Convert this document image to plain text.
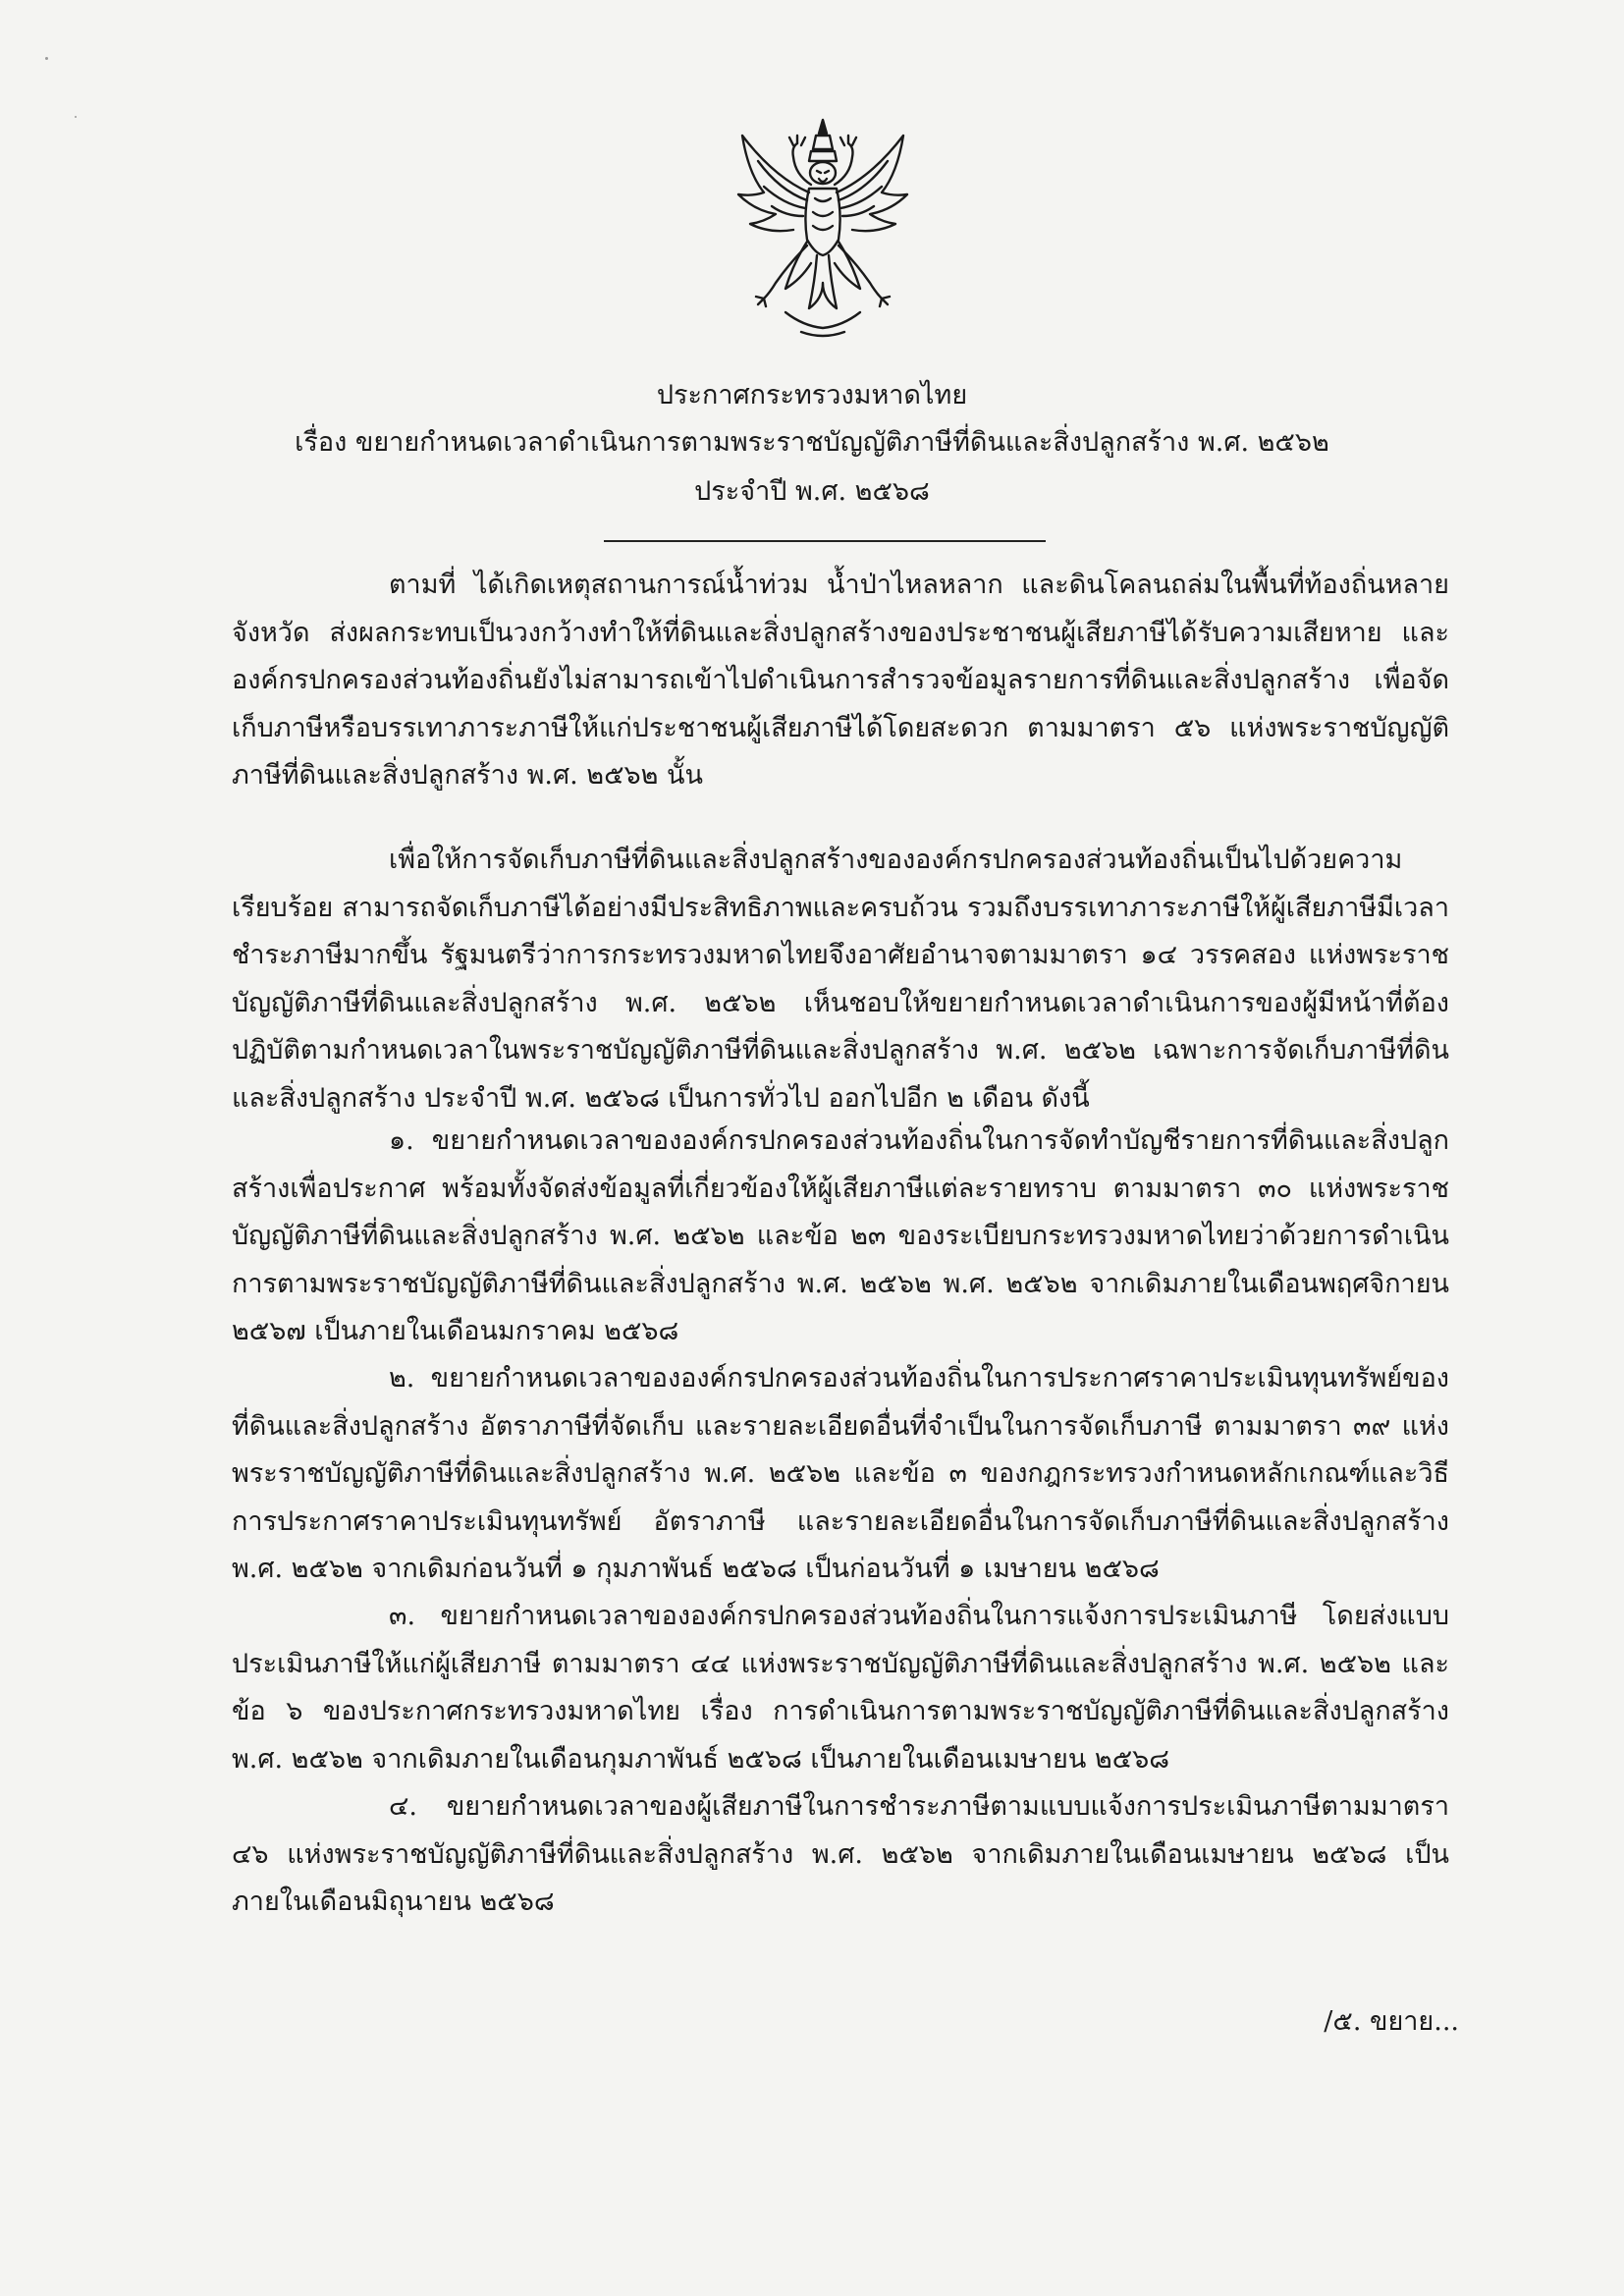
ประกาศกระทรวงมหาดไทย
เรื่อง ขยายกำหนดเวลาดำเนินการตามพระราชบัญญัติภาษีที่ดินและสิ่งปลูกสร้าง พ.ศ. ๒๕๖๒
ประจำปี พ.ศ. ๒๕๖๘

ตามที่ ได้เกิดเหตุสถานการณ์น้ำท่วม น้ำป่าไหลหลาก และดินโคลนถล่มในพื้นที่ท้องถิ่นหลายจังหวัด ส่งผลกระทบเป็นวงกว้างทำให้ที่ดินและสิ่งปลูกสร้างของประชาชนผู้เสียภาษีได้รับความเสียหาย และองค์กรปกครองส่วนท้องถิ่นยังไม่สามารถเข้าไปดำเนินการสำรวจข้อมูลรายการที่ดินและสิ่งปลูกสร้าง เพื่อจัดเก็บภาษีหรือบรรเทาภาระภาษีให้แก่ประชาชนผู้เสียภาษีได้โดยสะดวก ตามมาตรา ๕๖ แห่งพระราชบัญญัติภาษีที่ดินและสิ่งปลูกสร้าง พ.ศ. ๒๕๖๒ นั้น

เพื่อให้การจัดเก็บภาษีที่ดินและสิ่งปลูกสร้างขององค์กรปกครองส่วนท้องถิ่นเป็นไปด้วยความเรียบร้อย สามารถจัดเก็บภาษีได้อย่างมีประสิทธิภาพและครบถ้วน รวมถึงบรรเทาภาระภาษีให้ผู้เสียภาษีมีเวลาชำระภาษีมากขึ้น รัฐมนตรีว่าการกระทรวงมหาดไทยจึงอาศัยอำนาจตามมาตรา ๑๔ วรรคสอง แห่งพระราชบัญญัติภาษีที่ดินและสิ่งปลูกสร้าง พ.ศ. ๒๕๖๒ เห็นชอบให้ขยายกำหนดเวลาดำเนินการของผู้มีหน้าที่ต้องปฏิบัติตามกำหนดเวลาในพระราชบัญญัติภาษีที่ดินและสิ่งปลูกสร้าง พ.ศ. ๒๕๖๒ เฉพาะการจัดเก็บภาษีที่ดินและสิ่งปลูกสร้าง ประจำปี พ.ศ. ๒๕๖๘ เป็นการทั่วไป ออกไปอีก ๒ เดือน ดังนี้

๑. ขยายกำหนดเวลาขององค์กรปกครองส่วนท้องถิ่นในการจัดทำบัญชีรายการที่ดินและสิ่งปลูกสร้างเพื่อประกาศ พร้อมทั้งจัดส่งข้อมูลที่เกี่ยวข้องให้ผู้เสียภาษีแต่ละรายทราบ ตามมาตรา ๓๐ แห่งพระราชบัญญัติภาษีที่ดินและสิ่งปลูกสร้าง พ.ศ. ๒๕๖๒ และข้อ ๒๓ ของระเบียบกระทรวงมหาดไทยว่าด้วยการดำเนินการตามพระราชบัญญัติภาษีที่ดินและสิ่งปลูกสร้าง พ.ศ. ๒๕๖๒ พ.ศ. ๒๕๖๒ จากเดิมภายในเดือนพฤศจิกายน ๒๕๖๗ เป็นภายในเดือนมกราคม ๒๕๖๘

๒. ขยายกำหนดเวลาขององค์กรปกครองส่วนท้องถิ่นในการประกาศราคาประเมินทุนทรัพย์ของที่ดินและสิ่งปลูกสร้าง อัตราภาษีที่จัดเก็บ และรายละเอียดอื่นที่จำเป็นในการจัดเก็บภาษี ตามมาตรา ๓๙ แห่งพระราชบัญญัติภาษีที่ดินและสิ่งปลูกสร้าง พ.ศ. ๒๕๖๒ และข้อ ๓ ของกฎกระทรวงกำหนดหลักเกณฑ์และวิธีการประกาศราคาประเมินทุนทรัพย์ อัตราภาษี และรายละเอียดอื่นในการจัดเก็บภาษีที่ดินและสิ่งปลูกสร้าง พ.ศ. ๒๕๖๒ จากเดิมก่อนวันที่ ๑ กุมภาพันธ์ ๒๕๖๘ เป็นก่อนวันที่ ๑ เมษายน ๒๕๖๘

๓. ขยายกำหนดเวลาขององค์กรปกครองส่วนท้องถิ่นในการแจ้งการประเมินภาษี โดยส่งแบบประเมินภาษีให้แก่ผู้เสียภาษี ตามมาตรา ๔๔ แห่งพระราชบัญญัติภาษีที่ดินและสิ่งปลูกสร้าง พ.ศ. ๒๕๖๒ และข้อ ๖ ของประกาศกระทรวงมหาดไทย เรื่อง การดำเนินการตามพระราชบัญญัติภาษีที่ดินและสิ่งปลูกสร้าง พ.ศ. ๒๕๖๒ จากเดิมภายในเดือนกุมภาพันธ์ ๒๕๖๘ เป็นภายในเดือนเมษายน ๒๕๖๘

๔. ขยายกำหนดเวลาของผู้เสียภาษีในการชำระภาษีตามแบบแจ้งการประเมินภาษีตามมาตรา ๔๖ แห่งพระราชบัญญัติภาษีที่ดินและสิ่งปลูกสร้าง พ.ศ. ๒๕๖๒ จากเดิมภายในเดือนเมษายน ๒๕๖๘ เป็นภายในเดือนมิถุนายน ๒๕๖๘

/๕. ขยาย...
